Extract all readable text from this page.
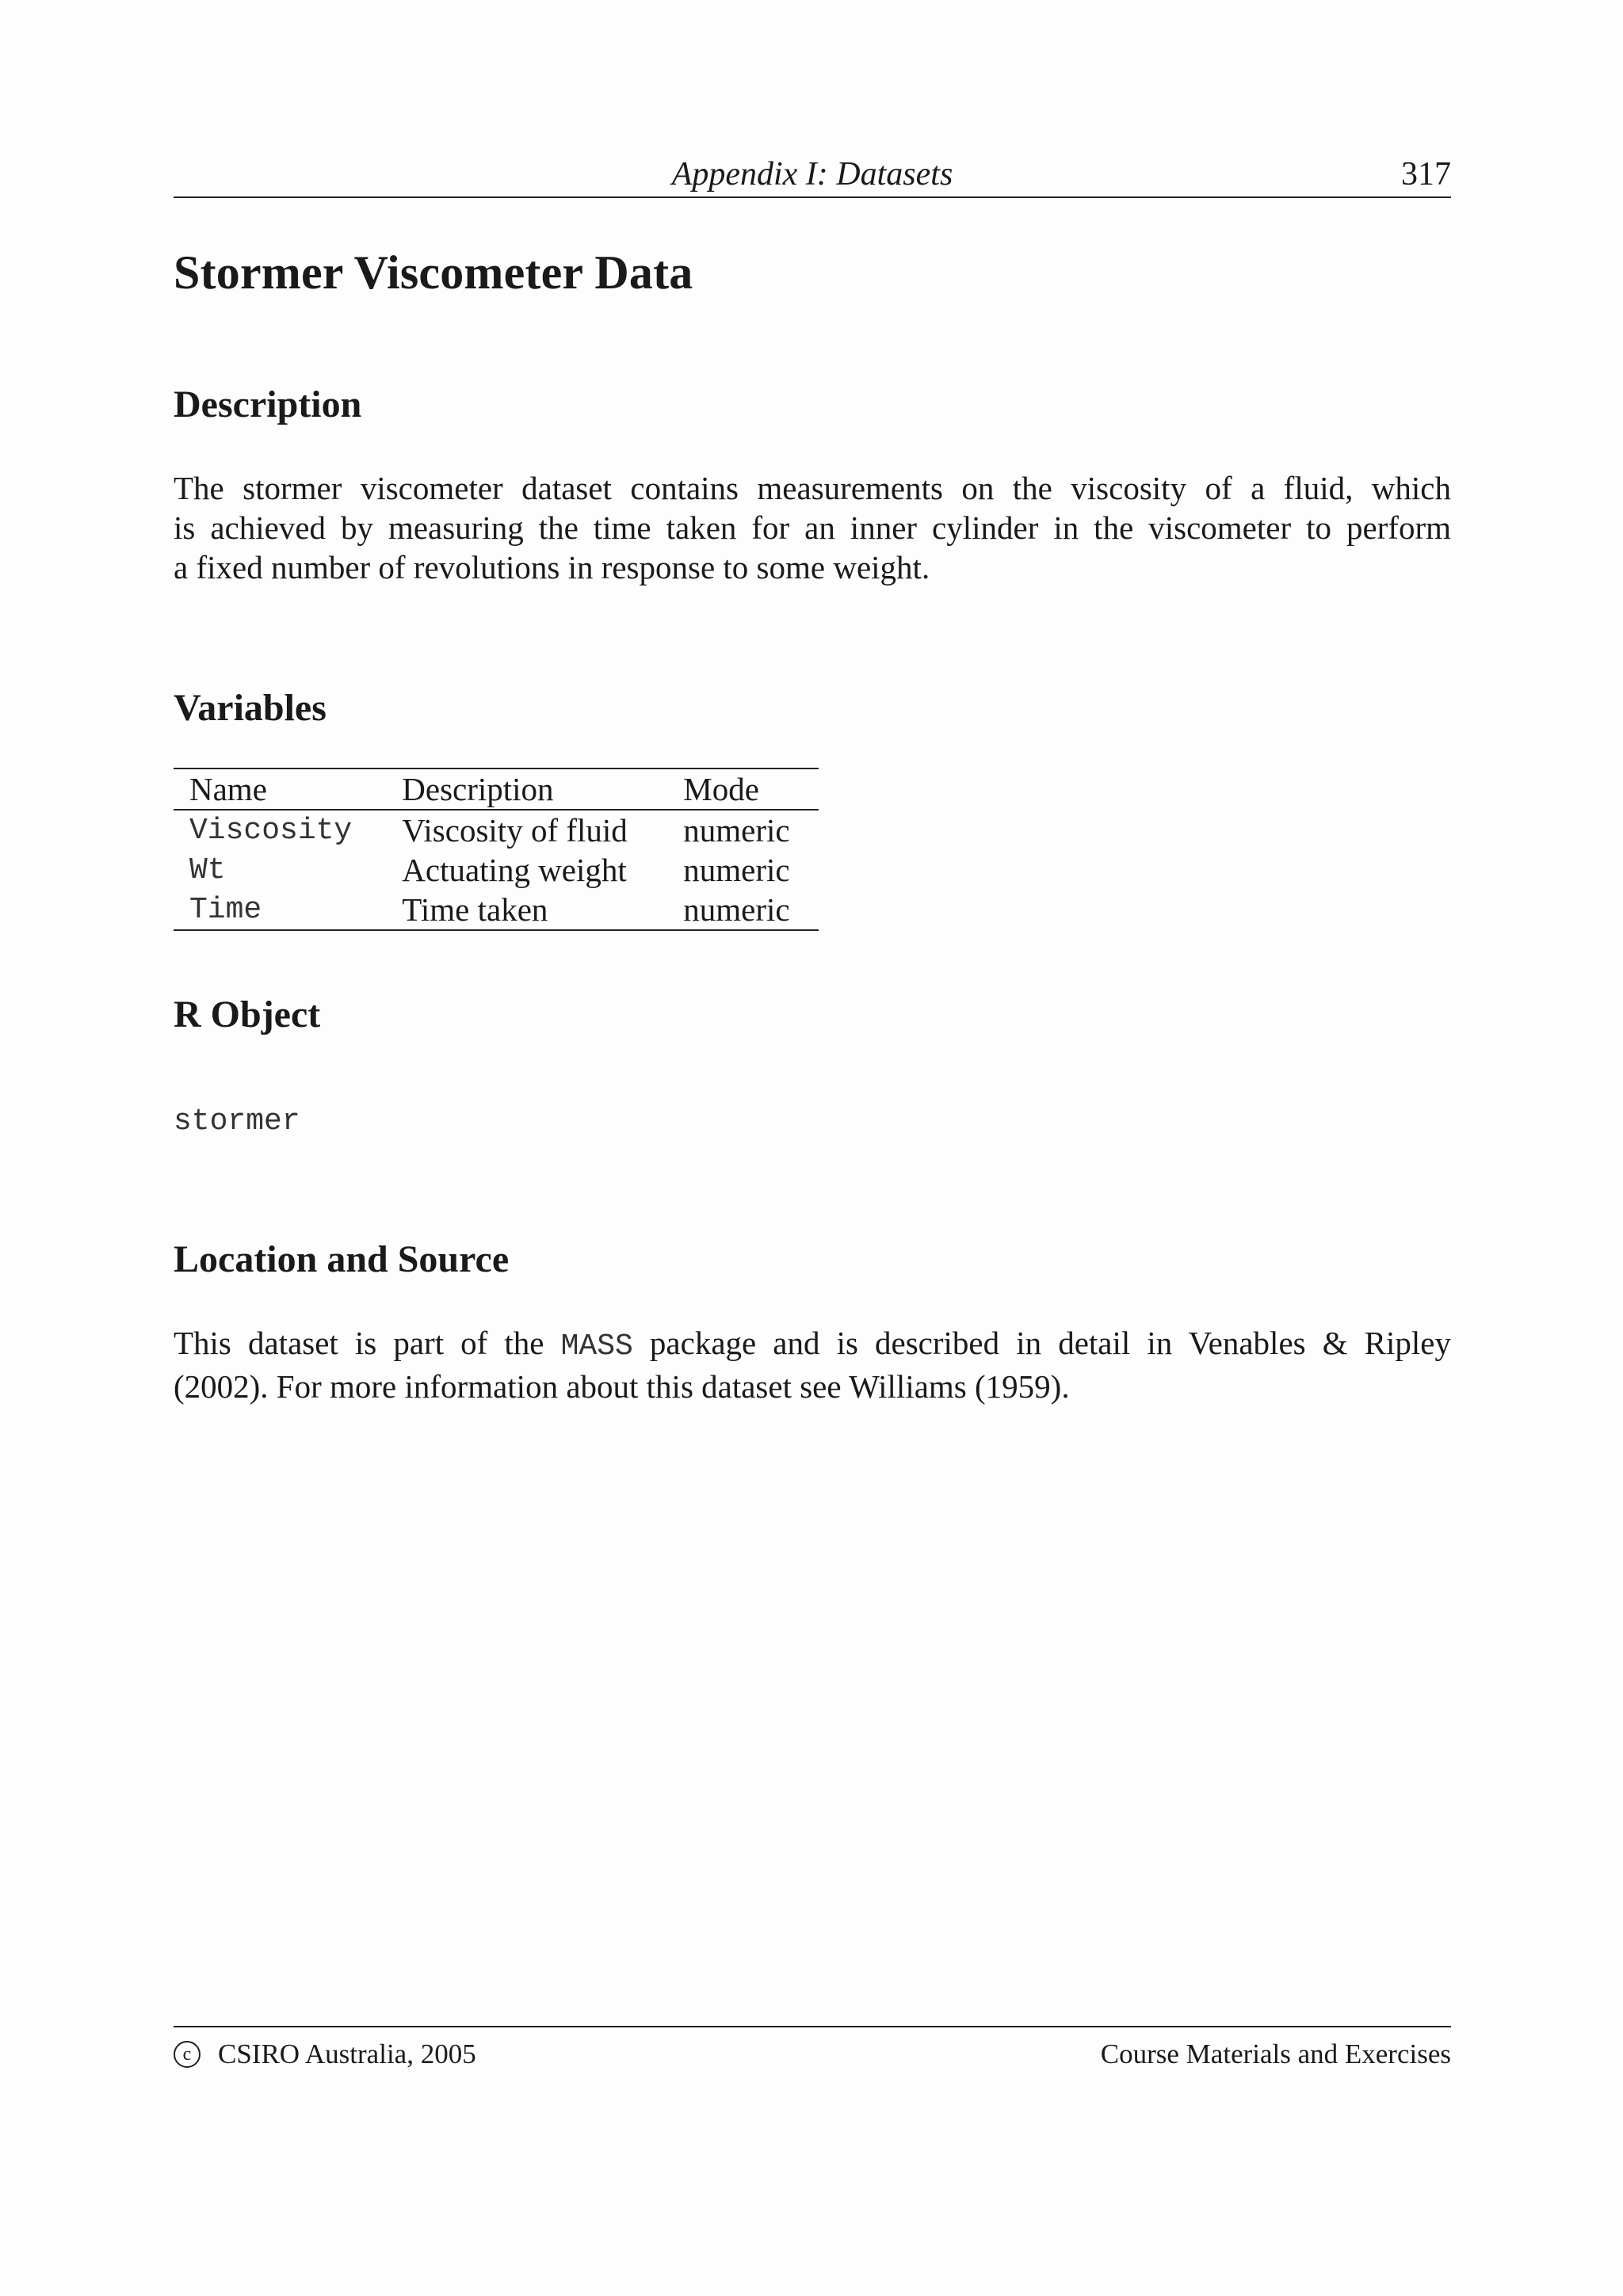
Appendix I: Datasets	317
Stormer Viscometer Data
Description
The stormer viscometer dataset contains measurements on the viscosity of a fluid, which
is achieved by measuring the time taken for an inner cylinder in the viscometer to perform
a fixed number of revolutions in response to some weight.
Variables
Name	Description	Mode
Viscosity	Viscosity of fluid	numeric
Wt	Actuating weight	numeric
Time	Time taken	numeric
R Object
stormer
Location and Source
This dataset is part of the MASS package and is described in detail in Venables & Ripley
(2002). For more information about this dataset see Williams (1959).
c CSIRO Australia, 2005	Course Materials and Exercises
